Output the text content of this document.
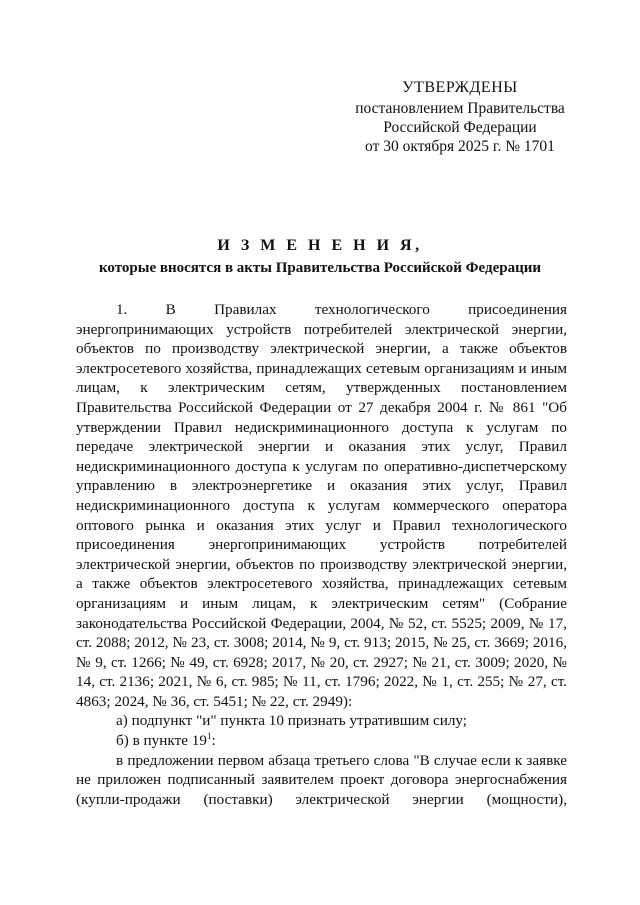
УТВЕРЖДЕНЫ
постановлением Правительства
Российской Федерации
от 30 октября 2025 г. № 1701
И З М Е Н Е Н И Я,
которые вносятся в акты Правительства Российской Федерации

1. В Правилах технологического присоединения энергопринимающих устройств потребителей электрической энергии, объектов по производству электрической энергии, а также объектов электросетевого хозяйства, принадлежащих сетевым организациям и иным лицам, к электрическим сетям, утвержденных постановлением Правительства Российской Федерации от 27 декабря 2004 г. № 861 "Об утверждении Правил недискриминационного доступа к услугам по передаче электрической энергии и оказания этих услуг, Правил недискриминационного доступа к услугам по оперативно-диспетчерскому управлению в электроэнергетике и оказания этих услуг, Правил недискриминационного доступа к услугам коммерческого оператора оптового рынка и оказания этих услуг и Правил технологического присоединения энергопринимающих устройств потребителей электрической энергии, объектов по производству электрической энергии, а также объектов электросетевого хозяйства, принадлежащих сетевым организациям и иным лицам, к электрическим сетям" (Собрание законодательства Российской Федерации, 2004, № 52, ст. 5525; 2009, № 17, ст. 2088; 2012, № 23, ст. 3008; 2014, № 9, ст. 913; 2015, № 25, ст. 3669; 2016, № 9, ст. 1266; № 49, ст. 6928; 2017, № 20, ст. 2927; № 21, ст. 3009; 2020, № 14, ст. 2136; 2021, № 6, ст. 985; № 11, ст. 1796; 2022, № 1, ст. 255; № 27, ст. 4863; 2024, № 36, ст. 5451; № 22, ст. 2949):

а) подпункт "и" пункта 10 признать утратившим силу;

б) в пункте 19$^1$:

в предложении первом абзаца третьего слова "В случае если к заявке не приложен подписанный заявителем проект договора энергоснабжения (купли-продажи (поставки) электрической энергии (мощности),
